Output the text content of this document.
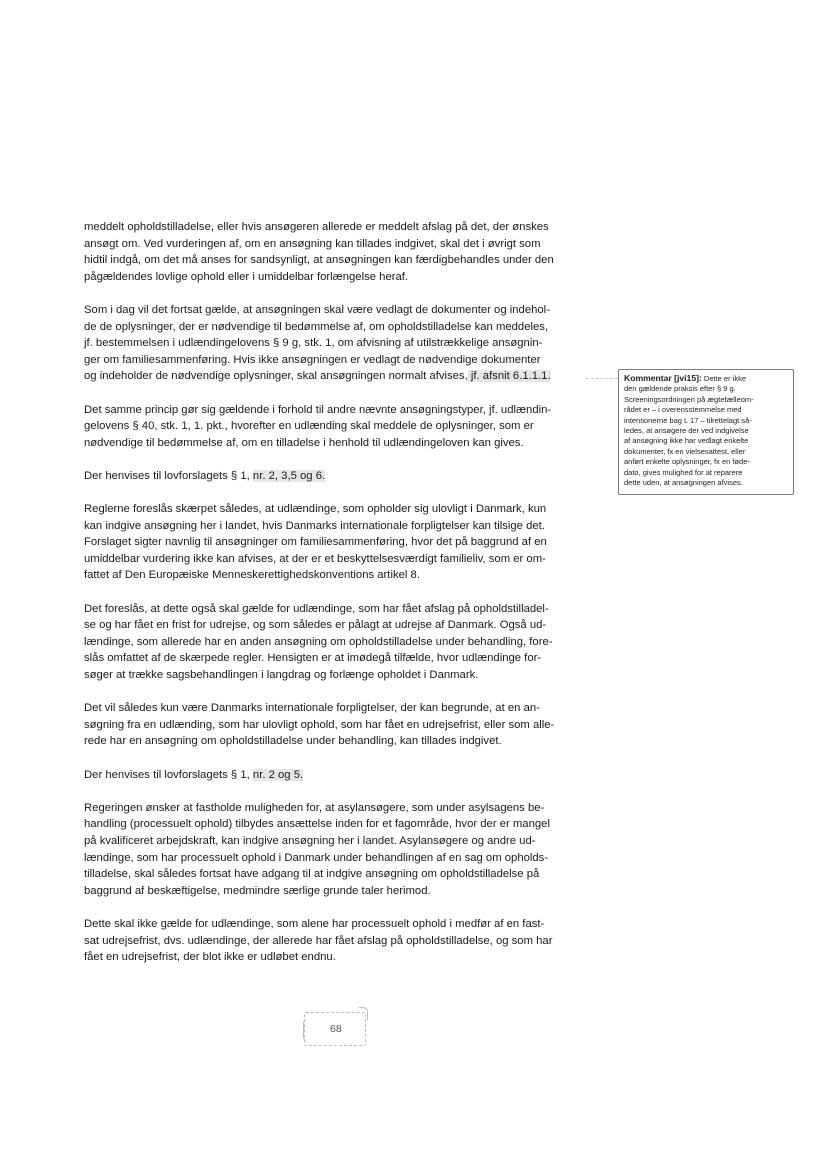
meddelt opholdstilladelse, eller hvis ansøgeren allerede er meddelt afslag på det, der ønskes
ansøgt om. Ved vurderingen af, om en ansøgning kan tillades indgivet, skal det i øvrigt som
hidtil indgå, om det må anses for sandsynligt, at ansøgningen kan færdigbehandles under den
pågældendes lovlige ophold eller i umiddelbar forlængelse heraf.

Som i dag vil det fortsat gælde, at ansøgningen skal være vedlagt de dokumenter og indehol-
de de oplysninger, der er nødvendige til bedømmelse af, om opholdstilladelse kan meddeles,
jf. bestemmelsen i udlændingelovens § 9 g, stk. 1, om afvisning af utilstrækkelige ansøgnin-
ger om familiesammenføring. Hvis ikke ansøgningen er vedlagt de nødvendige dokumenter
og indeholder de nødvendige oplysninger, skal ansøgningen normalt afvises, jf. afsnit 6.1.1.1.

Det samme princip gør sig gældende i forhold til andre nævnte ansøgningstyper, jf. udlændin-
gelovens § 40, stk. 1, 1. pkt., hvorefter en udlænding skal meddele de oplysninger, som er
nødvendige til bedømmelse af, om en tilladelse i henhold til udlændingeloven kan gives.

Der henvises til lovforslagets § 1, nr. 2, 3,5 og 6.

Reglerne foreslås skærpet således, at udlændinge, som opholder sig ulovligt i Danmark, kun
kan indgive ansøgning her i landet, hvis Danmarks internationale forpligtelser kan tilsige det.
Forslaget sigter navnlig til ansøgninger om familiesammenføring, hvor det på baggrund af en
umiddelbar vurdering ikke kan afvises, at der er et beskyttelsesværdigt familieliv, som er om-
fattet af Den Europæiske Menneskerettighedskonventions artikel 8.

Det foreslås, at dette også skal gælde for udlændinge, som har fået afslag på opholdstilladel-
se og har fået en frist for udrejse, og som således er pålagt at udrejse af Danmark. Også ud-
lændinge, som allerede har en anden ansøgning om opholdstilladelse under behandling, fore-
slås omfattet af de skærpede regler. Hensigten er at imødegå tilfælde, hvor udlændinge for-
søger at trække sagsbehandlingen i langdrag og forlænge opholdet i Danmark.

Det vil således kun være Danmarks internationale forpligtelser, der kan begrunde, at en an-
søgning fra en udlænding, som har ulovligt ophold, som har fået en udrejsefrist, eller som alle-
rede har en ansøgning om opholdstilladelse under behandling, kan tillades indgivet.

Der henvises til lovforslagets § 1, nr. 2 og 5.

Regeringen ønsker at fastholde muligheden for, at asylansøgere, som under asylsagens be-
handling (processuelt ophold) tilbydes ansættelse inden for et fagområde, hvor der er mangel
på kvalificeret arbejdskraft, kan indgive ansøgning her i landet. Asylansøgere og andre ud-
lændinge, som har processuelt ophold i Danmark under behandlingen af en sag om opholds-
tilladelse, skal således fortsat have adgang til at indgive ansøgning om opholdstilladelse på
baggrund af beskæftigelse, medmindre særlige grunde taler herimod.

Dette skal ikke gælde for udlændinge, som alene har processuelt ophold i medfør af en fast-
sat udrejsefrist, dvs. udlændinge, der allerede har fået afslag på opholdstilladelse, og som har
fået en udrejsefrist, der blot ikke er udløbet endnu.

Kommentar [jvi15]: Dette er ikke
den gældende praksis efter § 9 g.
Screeningsordningen på ægtefælleom-
rådet er – i overensstemmelse med
intentionerne bag L 17 – tilrettelagt så-
ledes, at ansøgere der ved indgivelse
af ansøgning ikke har vedlagt enkelte
dokumenter, fx en vielsesattest, eller
anført enkelte oplysninger, fx en føde-
dato, gives mulighed for at reparere
dette uden, at ansøgningen afvises.
68
